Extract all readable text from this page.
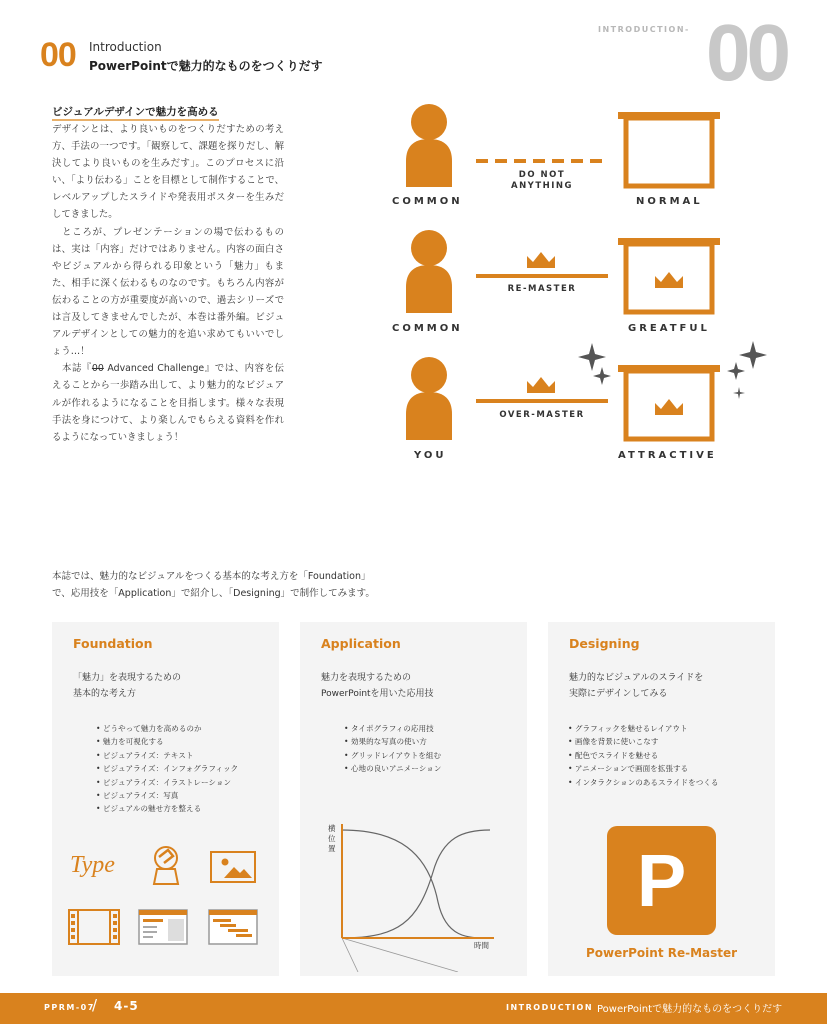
00 Introduction
PowerPointで魅力的なものをつくりだす
INTRODUCTION- 00
ビジュアルデザインで魅力を高める

デザインとは、より良いものをつくりだすための考え方、手法の一つです。「観察して、課題を探りだし、解決してより良いものを生みだす」。このプロセスに沿い、「より伝わる」ことを目標として制作することで、レベルアップしたスライドや発表用ポスターを生みだしてきました。

　ところが、プレゼンテーションの場で伝わるものは、実は「内容」だけではありません。内容の面白さやビジュアルから得られる印象という「魅力」もまた、相手に深く伝わるものなのです。もちろん内容が伝わることの方が重要度が高いので、過去シリーズでは言及してきませんでしたが、本巻は番外編。ビジュアルデザインとしての魅力的を追い求めてもいいでしょう…！

　本誌『00 Advanced Challenge』では、内容を伝えることから一歩踏み出して、より魅力的なビジュアルが作れるようになることを目指します。様々な表現手法を身につけて、より楽しんでもらえる資料を作れるようになっていきましょう！

COMMON
DO NOT
ANYTHING
NORMAL
COMMON
RE-MASTER
GREATFUL
YOU
OVER-MASTER
ATTRACTIVE
本誌では、魅力的なビジュアルをつくる基本的な考え方を「Foundation」
で、応用技を「Application」で紹介し、「Designing」で制作してみます。
Foundation
「魅力」を表現するための
基本的な考え方
• どうやって魅力を高めるのか
• 魅力を可視化する
• ビジュアライズ：テキスト
• ビジュアライズ：インフォグラフィック
• ビジュアライズ：イラストレーション
• ビジュアライズ：写真
• ビジュアルの魅せ方を整える
Type
Application
魅力を表現するための
PowerPointを用いた応用技
• タイポグラフィの応用技
• 効果的な写真の使い方
• グリッドレイアウトを組む
• 心地の良いアニメーション
横位置
時間
Designing
魅力的なビジュアルのスライドを
実際にデザインしてみる
• グラフィックを魅せるレイアウト
• 画像を背景に使いこなす
• 配色でスライドを魅せる
• アニメーションで画面を拡張する
• インタラクションのあるスライドをつくる
P
PowerPoint Re-Master
PPRM-07
/ 4-5	INTRODUCTION PowerPointで魅力的なものをつくりだす
